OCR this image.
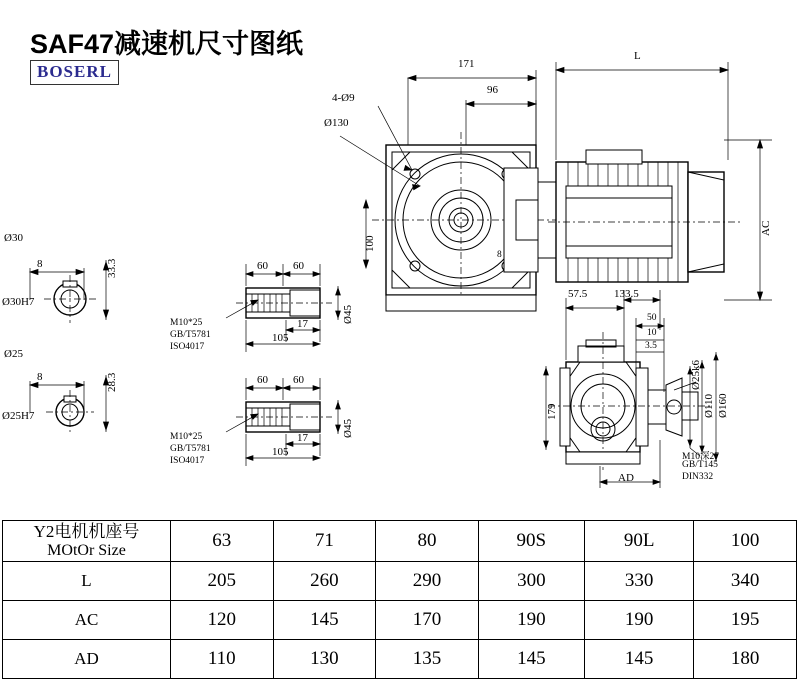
SAF47减速机尺寸图纸
BOSERL	171
L
96
4-Ø9
Ø130
100
AC
8
Ø30
8	33.3
Ø30H7
Ø25
8	28.3
Ø25H7
60 60
17
105
Ø45
M10*25
GB/T5781
ISO4017
60 60
17
105
Ø45
M10*25
GB/T5781
ISO4017
57.5 133.5
50
10
3.5
179
AD
Ø25k6
Ø110 Ø160
M10深27
GB/T145
DIN332
Y2电机机座号
MOtOr Size	63	71	80	90S	90L	100
L	205	260	290	300	330	340
AC	120	145	170	190	190	195
AD	110	130	135	145	145	180
